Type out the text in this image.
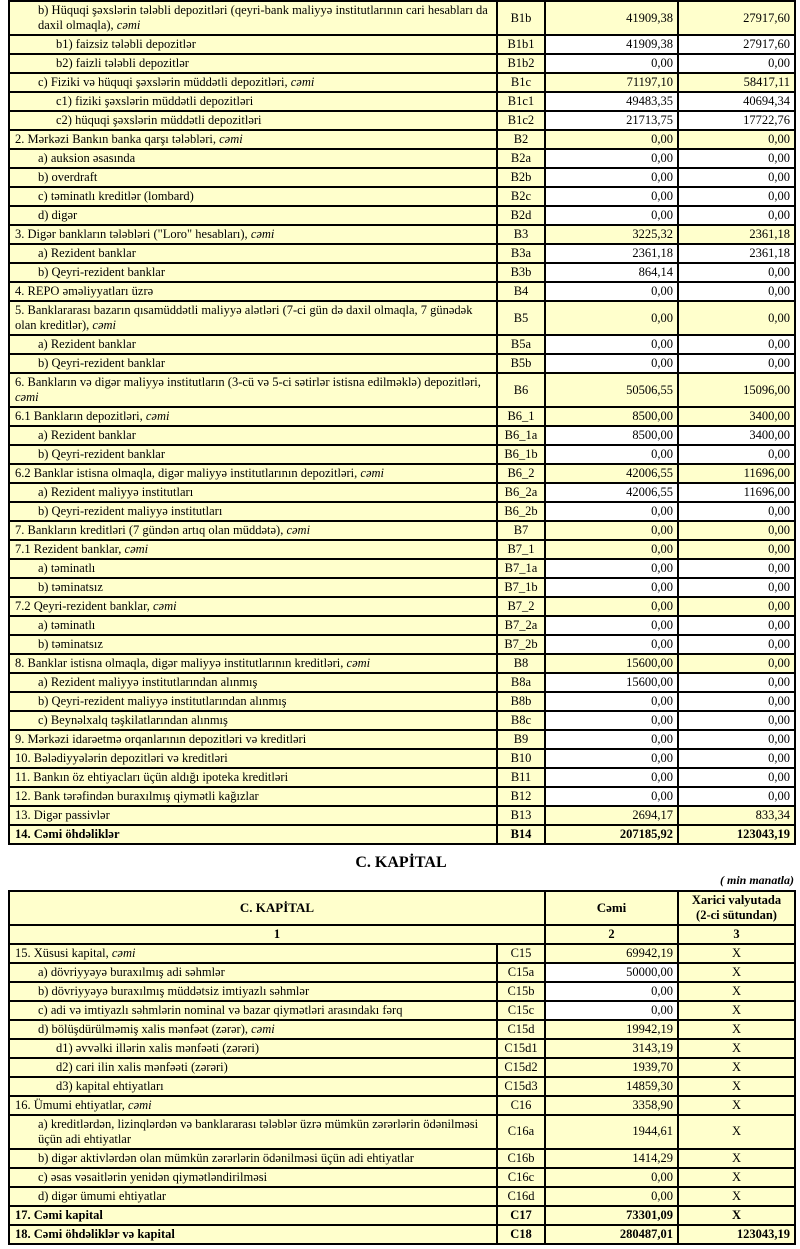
b) Hüquqi şəxslərin tələbli depozitləri (qeyri-bank maliyyə institutlarının cari hesabları da daxil olmaqla), cəmi	B1b	41909,38	27917,60
b1) faizsiz tələbli depozitlər	B1b1	41909,38	27917,60
b2) faizli tələbli depozitlər	B1b2	0,00	0,00
c) Fiziki və hüquqi şəxslərin müddətli depozitləri, cəmi	B1c	71197,10	58417,11
c1) fiziki şəxslərin müddətli depozitləri	B1c1	49483,35	40694,34
c2) hüquqi şəxslərin müddətli depozitləri	B1c2	21713,75	17722,76
2. Mərkəzi Bankın banka qarşı tələbləri, cəmi	B2	0,00	0,00
a) auksion əsasında	B2a	0,00	0,00
b) overdraft	B2b	0,00	0,00
c) təminatlı kreditlər (lombard)	B2c	0,00	0,00
d) digər	B2d	0,00	0,00
3. Digər bankların tələbləri ("Loro" hesabları), cəmi	B3	3225,32	2361,18
a) Rezident banklar	B3a	2361,18	2361,18
b) Qeyri-rezident banklar	B3b	864,14	0,00
4. REPO əməliyyatları üzrə	B4	0,00	0,00
5. Banklararası bazarın qısamüddətli maliyyə alətləri (7-ci gün də daxil olmaqla, 7 günədək olan kreditlər), cəmi	B5	0,00	0,00
a) Rezident banklar	B5a	0,00	0,00
b) Qeyri-rezident banklar	B5b	0,00	0,00
6. Bankların və digər maliyyə institutların (3-cü və 5-ci sətirlər istisna edilməklə) depozitləri, cəmi	B6	50506,55	15096,00
6.1 Bankların depozitləri, cəmi	B6_1	8500,00	3400,00
a) Rezident banklar	B6_1a	8500,00	3400,00
b) Qeyri-rezident banklar	B6_1b	0,00	0,00
6.2 Banklar istisna olmaqla, digər maliyyə institutlarının depozitləri, cəmi	B6_2	42006,55	11696,00
a) Rezident maliyyə institutları	B6_2a	42006,55	11696,00
b) Qeyri-rezident maliyyə institutları	B6_2b	0,00	0,00
7. Bankların kreditləri (7 gündən artıq olan müddətə), cəmi	B7	0,00	0,00
7.1 Rezident banklar, cəmi	B7_1	0,00	0,00
a) təminatlı	B7_1a	0,00	0,00
b) təminatsız	B7_1b	0,00	0,00
7.2 Qeyri-rezident banklar, cəmi	B7_2	0,00	0,00
a) təminatlı	B7_2a	0,00	0,00
b) təminatsız	B7_2b	0,00	0,00
8. Banklar istisna olmaqla, digər maliyyə institutlarının kreditləri, cəmi	B8	15600,00	0,00
a) Rezident maliyyə institutlarından alınmış	B8a	15600,00	0,00
b) Qeyri-rezident maliyyə institutlarından alınmış	B8b	0,00	0,00
c) Beynəlxalq təşkilatlarından alınmış	B8c	0,00	0,00
9. Mərkəzi idarəetmə orqanlarının depozitləri və kreditləri	B9	0,00	0,00
10. Bələdiyyələrin depozitləri və kreditləri	B10	0,00	0,00
11. Bankın öz ehtiyacları üçün aldığı ipoteka kreditləri	B11	0,00	0,00
12. Bank tərəfindən buraxılmış qiymətli kağızlar	B12	0,00	0,00
13. Digər passivlər	B13	2694,17	833,34
14. Cəmi öhdəliklər	B14	207185,92	123043,19
C. KAPİTAL
( min manatla)
C. KAPİTAL		Cəmi	Xarici valyutada
(2-ci sütundan)
1		2	3
15. Xüsusi kapital, cəmi	C15	69942,19	X
a) dövriyyəyə buraxılmış adi səhmlər	C15a	50000,00	X
b) dövriyyəyə buraxılmış müddətsiz imtiyazlı səhmlər	C15b	0,00	X
c) adi və imtiyazlı səhmlərin nominal və bazar qiymətləri arasındakı fərq	C15c	0,00	X
d) bölüşdürülməmiş xalis mənfəət (zərər), cəmi	C15d	19942,19	X
d1) əvvəlki illərin xalis mənfəəti (zərəri)	C15d1	3143,19	X
d2) cari ilin xalis mənfəəti (zərəri)	C15d2	1939,70	X
d3) kapital ehtiyatları	C15d3	14859,30	X
16. Ümumi ehtiyatlar, cəmi	C16	3358,90	X
a) kreditlərdən, lizinqlərdən və banklararası tələblər üzrə mümkün zərərlərin ödənilməsi üçün adi ehtiyatlar	C16a	1944,61	X
b) digər aktivlərdən olan mümkün zərərlərin ödənilməsi üçün adi ehtiyatlar	C16b	1414,29	X
c) əsas vəsaitlərin yenidən qiymətləndirilməsi	C16c	0,00	X
d) digər ümumi ehtiyatlar	C16d	0,00	X
17. Cəmi kapital	C17	73301,09	X
18. Cəmi öhdəliklər və kapital	C18	280487,01	123043,19
